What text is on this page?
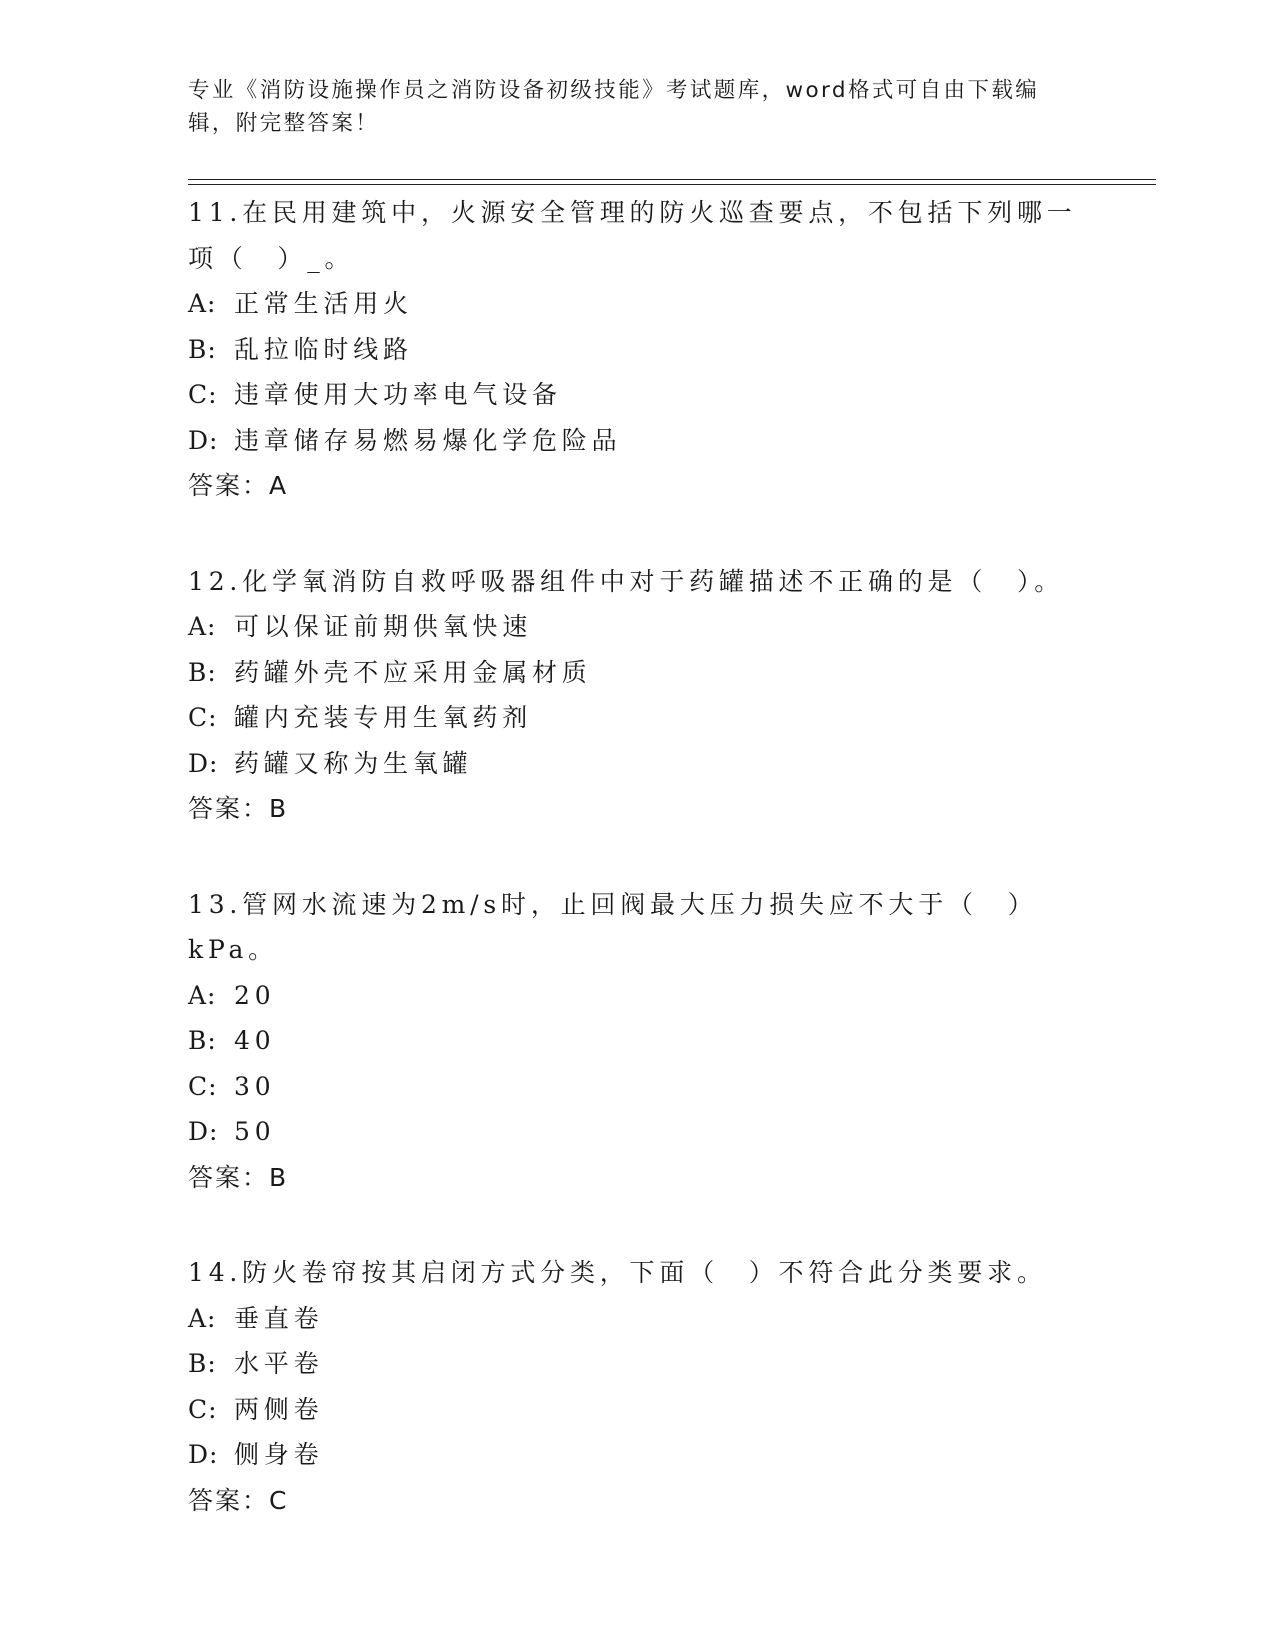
专业《消防设施操作员之消防设备初级技能》考试题库，word格式可自由下载编辑，附完整答案！

11.在民用建筑中，火源安全管理的防火巡查要点，不包括下列哪一项（　）_。

A: 正常生活用火
B: 乱拉临时线路
C: 违章使用大功率电气设备
D: 违章储存易燃易爆化学危险品
答案：A

12.化学氧消防自救呼吸器组件中对于药罐描述不正确的是（　）。

A: 可以保证前期供氧快速
B: 药罐外壳不应采用金属材质
C: 罐内充装专用生氧药剂
D: 药罐又称为生氧罐
答案：B

13.管网水流速为2m/s时，止回阀最大压力损失应不大于（　）kPa。

A: 20
B: 40
C: 30
D: 50
答案：B

14.防火卷帘按其启闭方式分类，下面（　）不符合此分类要求。

A: 垂直卷
B: 水平卷
C: 两侧卷
D: 侧身卷
答案：C
